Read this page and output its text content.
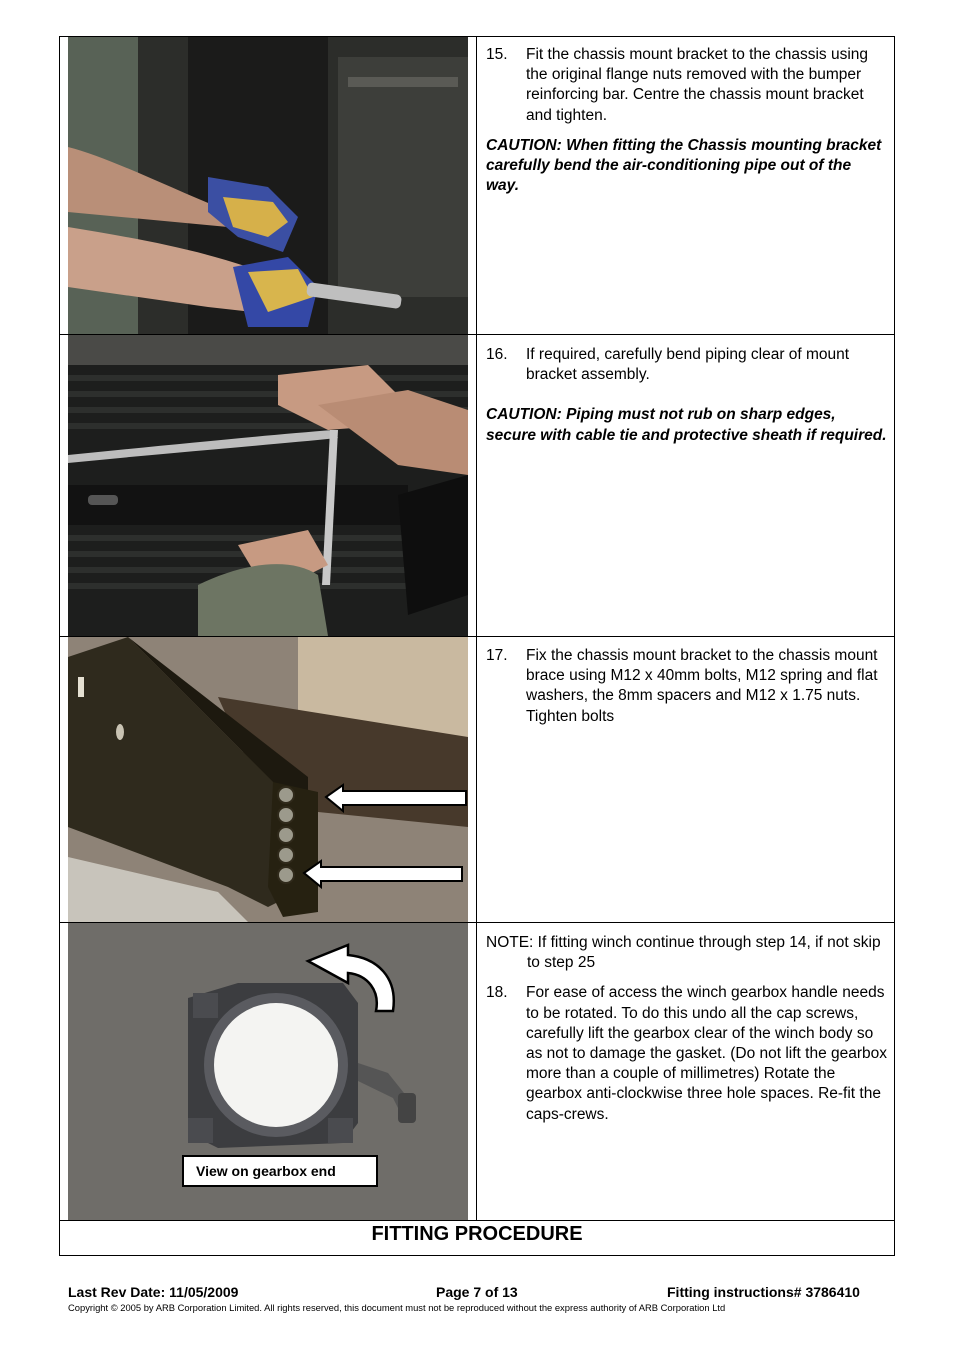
View on gearbox end
15.	Fit the chassis mount bracket to the chassis using the original flange nuts removed with the bumper reinforcing bar. Centre the chassis mount bracket and tighten.
CAUTION: When fitting the Chassis mounting bracket carefully bend the air-conditioning pipe out of the way.
16.	If required, carefully bend piping clear of mount bracket assembly.
CAUTION: Piping must not rub on sharp edges, secure with cable tie and protective sheath if required.
17.	Fix the chassis mount bracket to the chassis mount brace using M12 x 40mm bolts, M12 spring and flat washers, the 8mm spacers and M12 x 1.75 nuts. Tighten bolts
NOTE: If fitting winch continue through step 14, if not skip to step 25
18.	For ease of access the winch gearbox handle needs to be rotated. To do this undo all the cap screws, carefully lift the gearbox clear of the winch body so as not to damage the gasket. (Do not lift the gearbox more than a couple of millimetres) Rotate the gearbox anti-clockwise three hole spaces. Re-fit the caps-crews.
FITTING PROCEDURE
Last Rev Date: 11/05/2009	Page 7 of 13	Fitting instructions# 3786410
Copyright © 2005 by ARB Corporation Limited. All rights reserved, this document must not be reproduced without the express authority of ARB Corporation Ltd
